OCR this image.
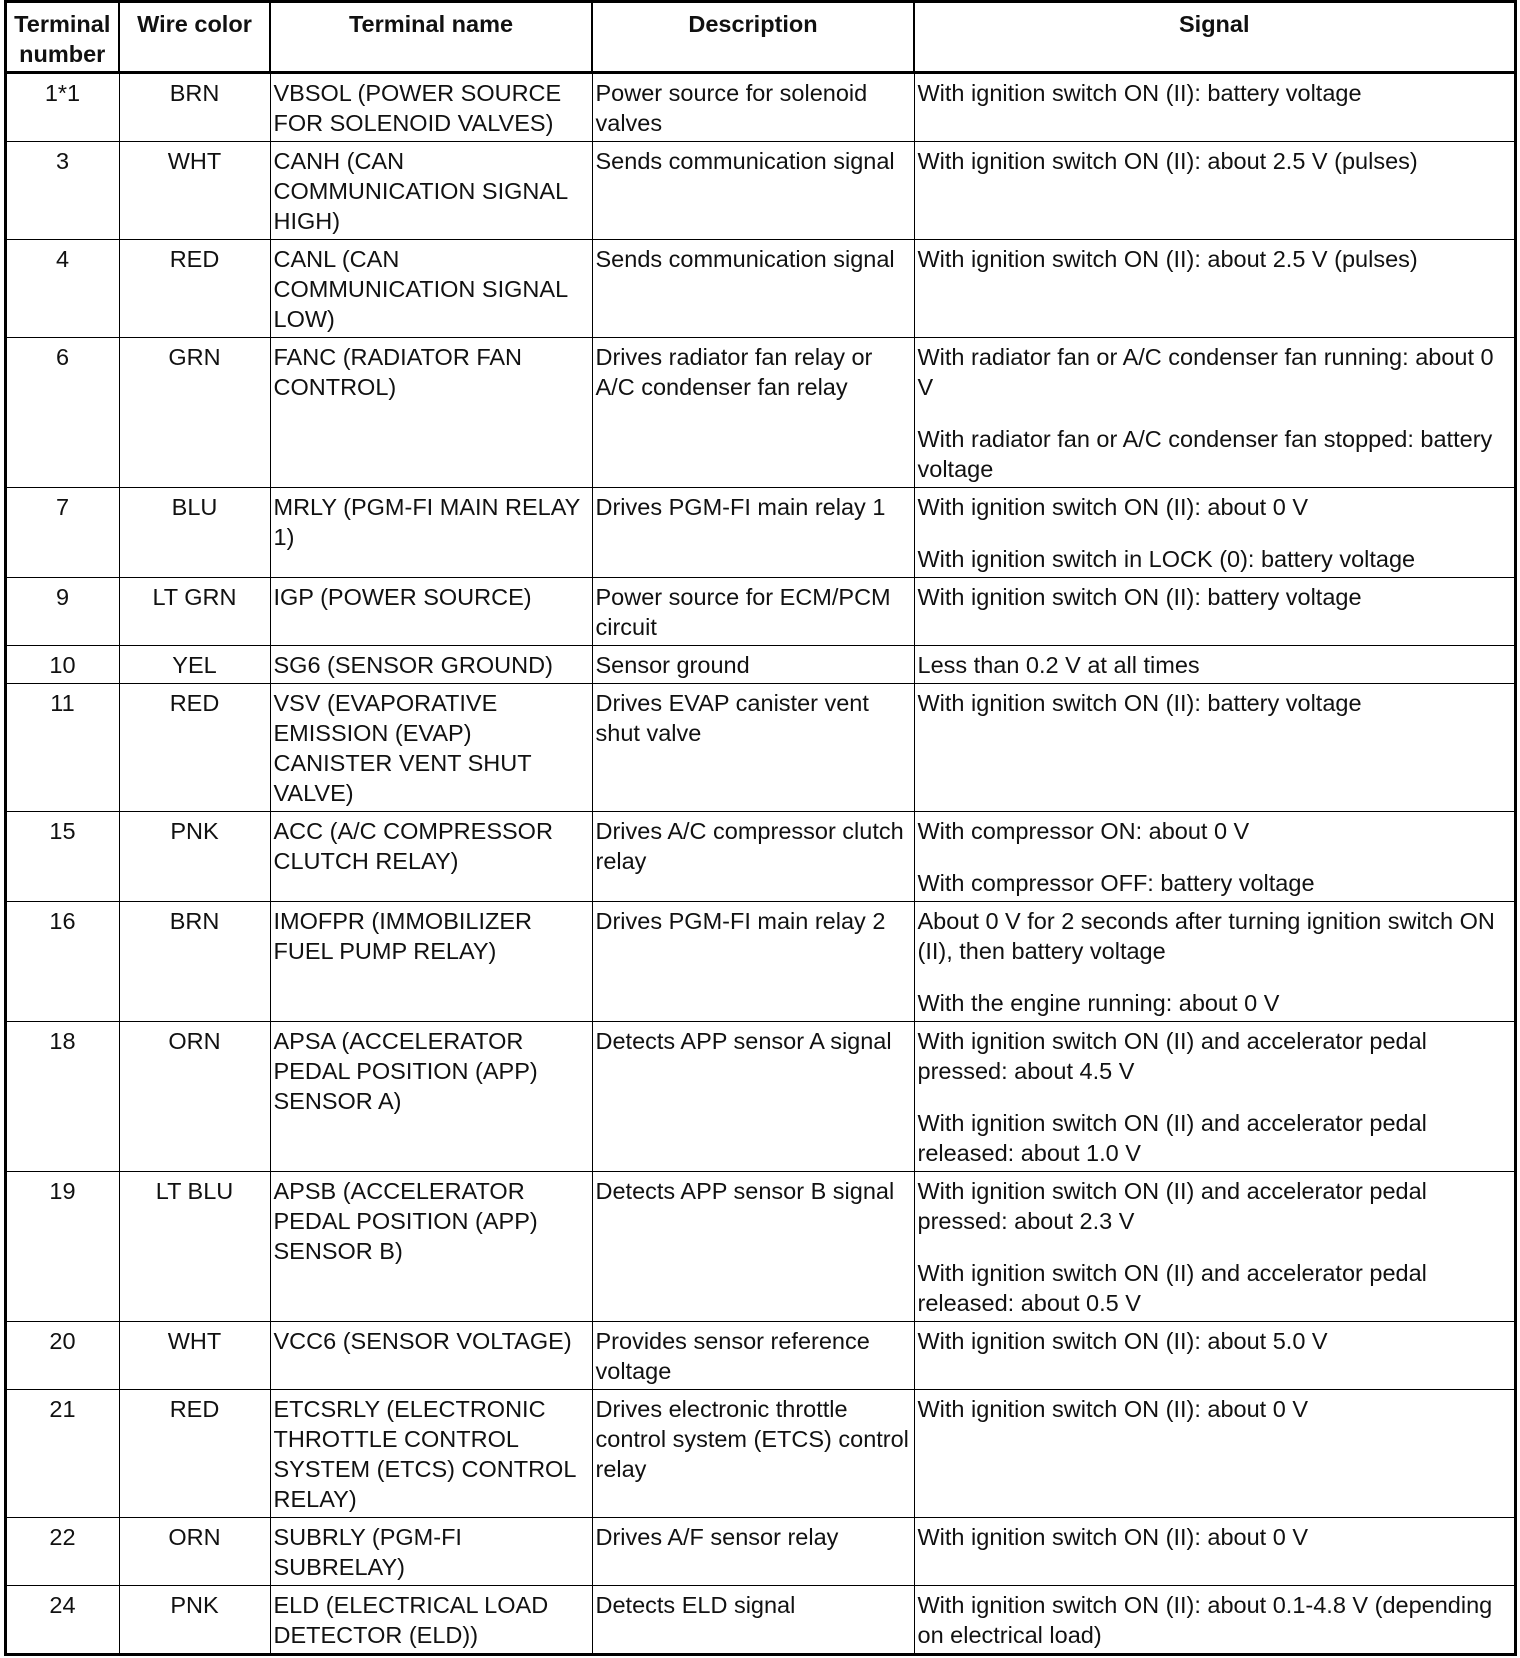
Terminal number	Wire color	Terminal name	Description	Signal
1*1	BRN	VBSOL (POWER SOURCE FOR SOLENOID VALVES)	Power source for solenoid valves	With ignition switch ON (II): battery voltage

3	WHT	CANH (CAN COMMUNICATION SIGNAL HIGH)	Sends communication signal	With ignition switch ON (II): about 2.5 V (pulses)

4	RED	CANL (CAN COMMUNICATION SIGNAL LOW)	Sends communication signal	With ignition switch ON (II): about 2.5 V (pulses)

6	GRN	FANC (RADIATOR FAN CONTROL)	Drives radiator fan relay or A/C condenser fan relay	With radiator fan or A/C condenser fan running: about 0 V
With radiator fan or A/C condenser fan stopped: battery voltage

7	BLU	MRLY (PGM-FI MAIN RELAY 1)	Drives PGM-FI main relay 1	With ignition switch ON (II): about 0 V
With ignition switch in LOCK (0): battery voltage

9	LT GRN	IGP (POWER SOURCE)	Power source for ECM/PCM circuit	With ignition switch ON (II): battery voltage

10	YEL	SG6 (SENSOR GROUND)	Sensor ground	Less than 0.2 V at all times

11	RED	VSV (EVAPORATIVE EMISSION (EVAP) CANISTER VENT SHUT VALVE)	Drives EVAP canister vent shut valve	With ignition switch ON (II): battery voltage

15	PNK	ACC (A/C COMPRESSOR CLUTCH RELAY)	Drives A/C compressor clutch relay	With compressor ON: about 0 V
With compressor OFF: battery voltage

16	BRN	IMOFPR (IMMOBILIZER FUEL PUMP RELAY)	Drives PGM-FI main relay 2	About 0 V for 2 seconds after turning ignition switch ON (II), then battery voltage
With the engine running: about 0 V

18	ORN	APSA (ACCELERATOR PEDAL POSITION (APP) SENSOR A)	Detects APP sensor A signal	With ignition switch ON (II) and accelerator pedal pressed: about 4.5 V
With ignition switch ON (II) and accelerator pedal released: about 1.0 V

19	LT BLU	APSB (ACCELERATOR PEDAL POSITION (APP) SENSOR B)	Detects APP sensor B signal	With ignition switch ON (II) and accelerator pedal pressed: about 2.3 V
With ignition switch ON (II) and accelerator pedal released: about 0.5 V

20	WHT	VCC6 (SENSOR VOLTAGE)	Provides sensor reference voltage	With ignition switch ON (II): about 5.0 V

21	RED	ETCSRLY (ELECTRONIC THROTTLE CONTROL SYSTEM (ETCS) CONTROL RELAY)	Drives electronic throttle control system (ETCS) control relay	With ignition switch ON (II): about 0 V

22	ORN	SUBRLY (PGM-FI SUBRELAY)	Drives A/F sensor relay	With ignition switch ON (II): about 0 V

24	PNK	ELD (ELECTRICAL LOAD DETECTOR (ELD))	Detects ELD signal	With ignition switch ON (II): about 0.1-4.8 V (depending on electrical load)
